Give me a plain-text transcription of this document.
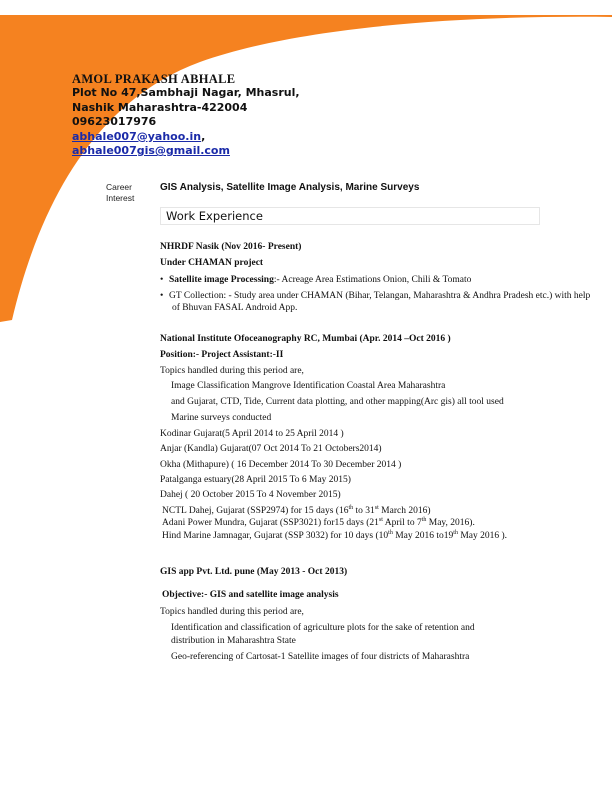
AMOL PRAKASH ABHALE
Plot No 47,Sambhaji Nagar, Mhasrul,
Nashik Maharashtra-422004
09623017976
abhale007@yahoo.in,
abhale007gis@gmail.com
Career
Interest
GIS Analysis, Satellite Image Analysis, Marine Surveys
Work Experience
NHRDF Nasik (Nov 2016- Present)
Under CHAMAN project
• Satellite image Processing:- Acreage Area Estimations Onion, Chili & Tomato
• GT Collection: - Study area under CHAMAN (Bihar, Telangan, Maharashtra & Andhra Pradesh etc.) with help
of Bhuvan FASAL Android App.
National Institute Ofoceanography RC, Mumbai (Apr. 2014 –Oct 2016 )
Position:- Project Assistant:-II
Topics handled during this period are,
Image Classification Mangrove Identification Coastal Area Maharashtra
and Gujarat, CTD, Tide, Current data plotting, and other mapping(Arc gis) all tool used
Marine surveys conducted
Kodinar Gujarat(5 April 2014 to 25 April 2014 )
Anjar (Kandla) Gujarat(07 Oct 2014 To 21 Octobers2014)
Okha (Mithapure) ( 16 December 2014 To 30 December 2014 )
Patalganga estuary(28 April 2015 To 6 May 2015)
Dahej ( 20 October 2015 To 4 November 2015)
NCTL Dahej, Gujarat (SSP2974) for 15 days (16th to 31st March 2016)
Adani Power Mundra, Gujarat (SSP3021) for15 days (21st April to 7th May, 2016).
Hind Marine Jamnagar, Gujarat (SSP 3032) for 10 days (10th May 2016 to19th May 2016 ).
GIS app Pvt. Ltd. pune (May 2013 - Oct 2013)
Objective:- GIS and satellite image analysis
Topics handled during this period are,
Identification and classification of agriculture plots for the sake of retention and
distribution in Maharashtra State
Geo-referencing of Cartosat-1 Satellite images of four districts of Maharashtra
